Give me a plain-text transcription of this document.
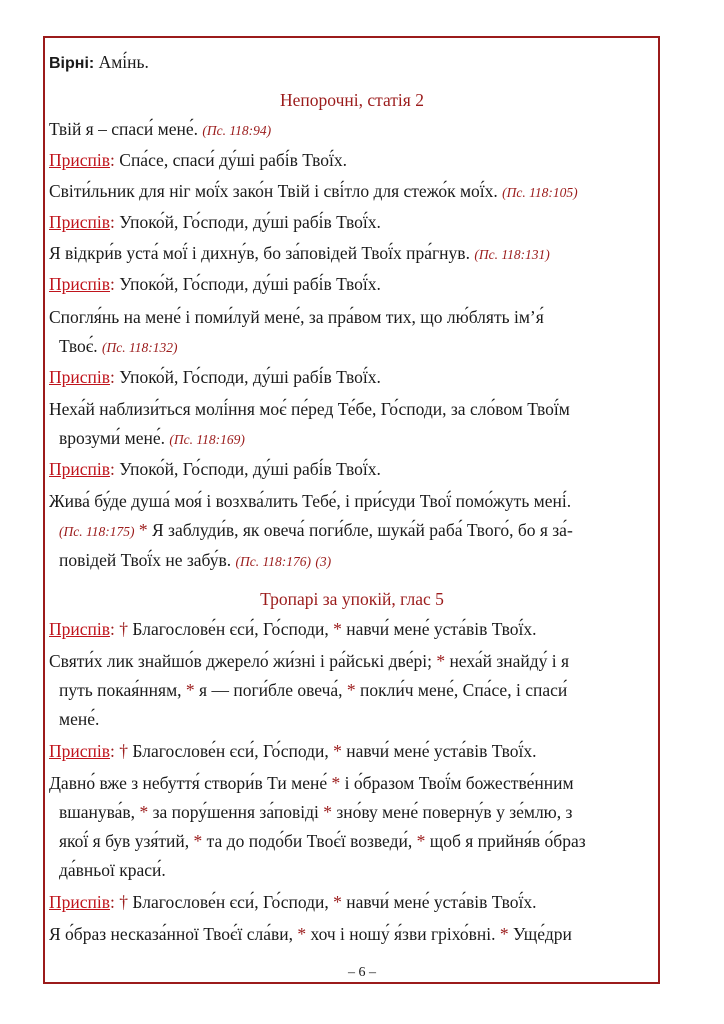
Вірні: Амі́нь.
Непорочні, статія 2
Твій я – спаси́ мене́. (Пс. 118:94)
Приспів: Спа́се, спаси́ ду́ші рабі́в Твої́х.
Світи́льник для ніг мої́х зако́н Твій і сві́тло для стежо́к мої́х. (Пс. 118:105)
Приспів: Упоко́й, Го́споди, ду́ші рабі́в Твої́х.
Я відкри́в уста́ мої́ і дихну́в, бо за́повідей Твої́х пра́гнув. (Пс. 118:131)
Приспів: Упоко́й, Го́споди, ду́ші рабі́в Твої́х.
Спогля́нь на мене́ і поми́луй мене́, за пра́вом тих, що лю́блять ім’я́
Твоє́. (Пс. 118:132)
Приспів: Упоко́й, Го́споди, ду́ші рабі́в Твої́х.
Неха́й наблизи́ться молі́ння моє́ пе́ред Те́бе, Го́споди, за сло́вом Твої́м
врозуми́ мене́. (Пс. 118:169)
Приспів: Упоко́й, Го́споди, ду́ші рабі́в Твої́х.
Жива́ бу́де душа́ моя́ і возхва́лить Тебе́, і при́суди Твої́ помо́жуть мені́.
(Пс. 118:175) * Я заблуди́в, як овеча́ поги́бле, шука́й раба́ Твого́, бо я за́-
повідей Твої́х не забу́в. (Пс. 118:176) (3)
Тропарі за упокій, глас 5
Приспів: † Благослове́н єси́, Го́споди, * навчи́ мене́ уста́вів Твої́х.
Святи́х лик знайшо́в джерело́ жи́зні і ра́йські две́рі; * неха́й знайду́ і я
путь покая́нням, * я — поги́бле овеча́, * покли́ч мене́, Спа́се, і спаси́
мене́.
Приспів: † Благослове́н єси́, Го́споди, * навчи́ мене́ уста́вів Твої́х.
Давно́ вже з небуття́ створи́в Ти мене́ * і о́бразом Твої́м божестве́нним
вшанува́в, * за пору́шення за́повіді * зно́ву мене́ поверну́в у зе́млю, з
якої́ я був узя́тий, * та до подо́би Твоє́ї возведи́, * щоб я прийня́в о́браз
да́вньої краси́.
Приспів: † Благослове́н єси́, Го́споди, * навчи́ мене́ уста́вів Твої́х.
Я о́браз несказа́нної Твоє́ї сла́ви, * хоч і ношу́ я́зви гріхо́вні. * Уще́дри
– 6 –
